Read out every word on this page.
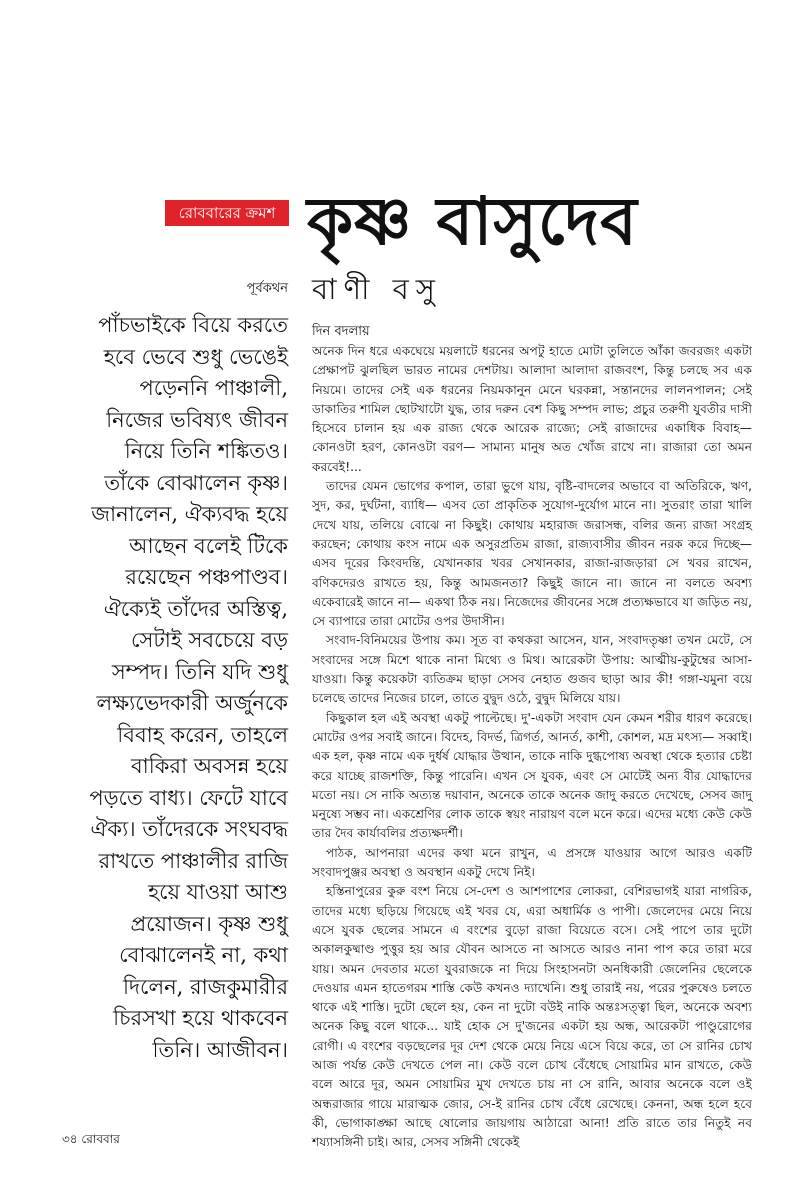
রোববারের ক্রমশ কৃষ্ণ বাসুদেব
পূর্বকথন
পাঁচভাইকে বিয়ে করতে
হবে ভেবে শুধু ভেঙেই
পড়েননি পাঞ্চালী,
নিজের ভবিষ্যৎ জীবন
নিয়ে তিনি শঙ্কিতও।
তাঁকে বোঝালেন কৃষ্ণ।
জানালেন, ঐক্যবদ্ধ হয়ে
আছেন বলেই টিকে
রয়েছেন পঞ্চপাণ্ডব।
ঐক্যেই তাঁদের অস্তিত্ব,
সেটাই সবচেয়ে বড়
সম্পদ। তিনি যদি শুধু
লক্ষ্যভেদকারী অর্জুনকে
বিবাহ করেন, তাহলে
বাকিরা অবসন্ন হয়ে
পড়তে বাধ্য। ফেটে যাবে
ঐক্য। তাঁদেরকে সংঘবদ্ধ
রাখতে পাঞ্চালীর রাজি
হয়ে যাওয়া আশু
প্রয়োজন। কৃষ্ণ শুধু
বোঝালেনই না, কথা
দিলেন, রাজকুমারীর
চিরসখা হয়ে থাকবেন
তিনি। আজীবন।
বাণী বসু
দিন বদলায়

অনেক দিন ধরে একঘেয়ে ময়লাটে ধরনের অপটু হাতে মোটা তুলিতে আঁকা জবরজং একটা প্রেক্ষাপট ঝুলছিল ভারত নামের দেশটায়। আলাদা আলাদা রাজবংশ, কিন্তু চলছে সব এক নিয়মে। তাদের সেই এক ধরনের নিয়মকানুন মেনে ঘরকন্না, সন্তানদের লালনপালন; সেই ডাকাতির শামিল ছোটখাটো যুদ্ধ, তার দরুন বেশ কিছু সম্পদ লাভ; প্রচুর তরুণী যুবতীর দাসী হিসেবে চালান হয় এক রাজ্য থেকে আরেক রাজ্যে; সেই রাজাদের একাধিক বিবাহ— কোনওটা হরণ, কোনওটা বরণ— সামান্য মানুষ অত খোঁজ রাখে না। রাজারা তো অমন করবেই!...

তাদের যেমন ভোগের কপাল, তারা ভুগে যায়, বৃষ্টি-বাদলের অভাবে বা অতিরিকে, ঋণ, সুদ, কর, দুর্ঘটনা, ব্যাধি— এসব তো প্রাকৃতিক সুযোগ-দুর্যোগ মানে না। সুতরাং তারা খালি দেখে যায়, তলিয়ে বোঝে না কিছুই। কোথায় মহারাজ জরাসন্ধ, বলির জন্য রাজা সংগ্রহ করছেন; কোথায় কংস নামে এক অসুরপ্রতিম রাজা, রাজ্যবাসীর জীবন নরক করে দিচ্ছে— এসব দূরের কিংবদন্তি, যেখানকার খবর সেখানকার, রাজা-রাজড়ারা সে খবর রাখেন, বণিকদেরও রাখতে হয়, কিন্তু আমজনতা? কিছুই জানে না। জানে না বলতে অবশ্য একেবারেই জানে না— একথা ঠিক নয়। নিজেদের জীবনের সঙ্গে প্রত্যক্ষভাবে যা জড়িত নয়, সে ব্যাপারে তারা মোটের ওপর উদাসীন।

সংবাদ-বিনিময়ের উপায় কম। সূত বা কথকরা আসেন, যান, সংবাদতৃষ্ণা তখন মেটে, সে সংবাদের সঙ্গে মিশে থাকে নানা মিথ্যে ও মিথ। আরেকটা উপায়: আত্মীয়-কুটুম্বের আসা-যাওয়া। কিন্তু কয়েকটা ব্যতিক্রম ছাড়া সেসব নেহাত গুজব ছাড়া আর কী! গঙ্গা-যমুনা বয়ে চলেছে তাদের নিজের চালে, তাতে বুদ্বুদ ওঠে, বুদ্বুদ মিলিয়ে যায়।

কিছুকাল হল এই অবস্থা একটু পাল্টেছে। দু'-একটা সংবাদ যেন কেমন শরীর ধারণ করেছে। মোটের ওপর সবাই জানে। বিদেহ, বিদর্ভ, ত্রিগর্ত, আনর্ত, কাশী, কোশল, মদ্র মৎস্য— সব্বাই। এক হল, কৃষ্ণ নামে এক দুর্ধর্ষ যোদ্ধার উত্থান, তাকে নাকি দুগ্ধপোষ্য অবস্থা থেকে হত্যার চেষ্টা করে যাচ্ছে রাজশক্তি, কিন্তু পারেনি। এখন সে যুবক, এবং সে মোটেই অন্য বীর যোদ্ধাদের মতো নয়। সে নাকি অত্যন্ত দয়াবান, অনেকে তাকে অনেক জাদু করতে দেখেছে, সেসব জাদু মনুষ্যে সম্ভব না। একশ্রেণির লোক তাকে স্বয়ং নারায়ণ বলে মনে করে। এদের মধ্যে কেউ কেউ তার দৈব কার্যাবলির প্রত্যক্ষদর্শী।

পাঠক, আপনারা এদের কথা মনে রাখুন, এ প্রসঙ্গে যাওয়ার আগে আরও একটি সংবাদপুঞ্জর অবস্থা ও অবস্থান একটু দেখে নিই।

হস্তিনাপুরের কুরু বংশ নিয়ে সে-দেশ ও আশপাশের লোকরা, বেশিরভাগই যারা নাগরিক, তাদের মধ্যে ছড়িয়ে গিয়েছে এই খবর যে, এরা অধার্মিক ও পাপী। জেলেদের মেয়ে নিয়ে এসে যুবক ছেলের সামনে এ বংশের বুড়ো রাজা বিয়েতে বসে। সেই পাপে তার দুটো অকালকুষ্মাণ্ড পুত্তুর হয় আর যৌবন আসতে না আসতে আরও নানা পাপ করে তারা মরে যায়। অমন দেবতার মতো যুবরাজকে না দিয়ে সিংহাসনটা অনধিকারী জেলেনির ছেলেকে দেওয়ার এমন হাতেগরম শাস্তি কেউ কখনও দ্যাখেনি। শুধু তারাই নয়, পরের পুরুষেও চলতে থাকে এই শাস্তি। দুটো ছেলে হয়, কেন না দুটো বউই নাকি অন্তঃসত্ত্বা ছিল, অনেকে অবশ্য অনেক কিছু বলে থাকে... যাই হোক সে দু'জনের একটা হয় অন্ধ, আরেকটা পাণ্ডুরোগের রোগী। এ বংশের বড়ছেলের দূর দেশ থেকে মেয়ে নিয়ে এসে বিয়ে করে, তা সে রানির চোখ আজ পর্যন্ত কেউ দেখতে পেল না। কেউ বলে চোখ বেঁধেছে সোয়ামির মান রাখতে, কেউ বলে আরে দূর, অমন সোয়ামির মুখ দেখতে চায় না সে রানি, আবার অনেকে বলে ওই অন্ধরাজার গায়ে মারাত্মক জোর, সে-ই রানির চোখ বেঁধে রেখেছে। কেননা, অন্ধ হলে হবে কী, ভোগাকাঙ্ক্ষা আছে ষোলোর জায়গায় আঠারো আনা! প্রতি রাতে তার নিতুই নব শয্যাসঙ্গিনী চাই। আর, সেসব সঙ্গিনী থেকেই

৩৪ রোববার
